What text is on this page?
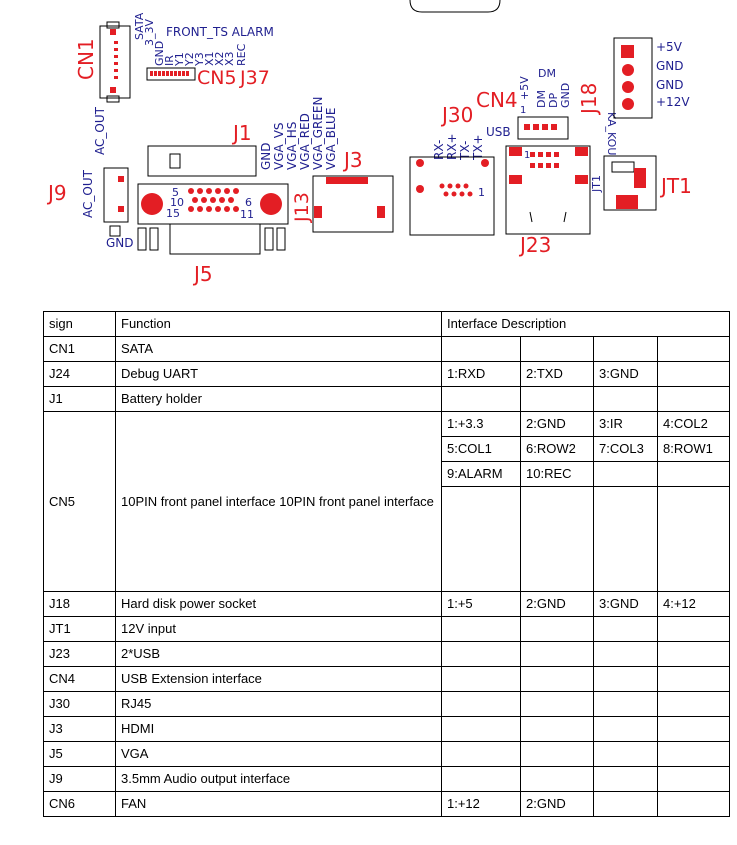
CN1
SATA
3_3V
GND
IR
Y1
Y2
Y3
X1
X2
X3 REC
FRONT_TS ALARM
CN5 J37
AC_OUT
AC_OUT
J9
GND
J1
5
10
15
6
11
J5
GND VGA_VS VGA_HS VGA_RED VGA_GREEN VGA_BLUE
J13
J3
J30
RX- RX+ TX- TX+
USB
1
CN4 +5V
DM
DM DP GND
1
1
J23
J18
KA_KOU
+5V
GND
GND
+12V
JT1	JT1
sign	Function	Interface Description			
CN1	SATA				
J24	Debug UART	1:RXD	2:TXD	3:GND	
J1	Battery holder				
CN5	10PIN front panel interface 10PIN front panel interface	1:+3.3	2:GND	3:IR	4:COL2
		5:COL1	6:ROW2	7:COL3	8:ROW1
		9:ALARM	10:REC		

J18	Hard disk power socket	1:+5	2:GND	3:GND	4:+12
JT1	12V input				
J23	2*USB				
CN4	USB Extension interface				
J30	RJ45				
J3	HDMI				
J5	VGA				
J9	3.5mm Audio output interface				
CN6	FAN	1:+12	2:GND		
